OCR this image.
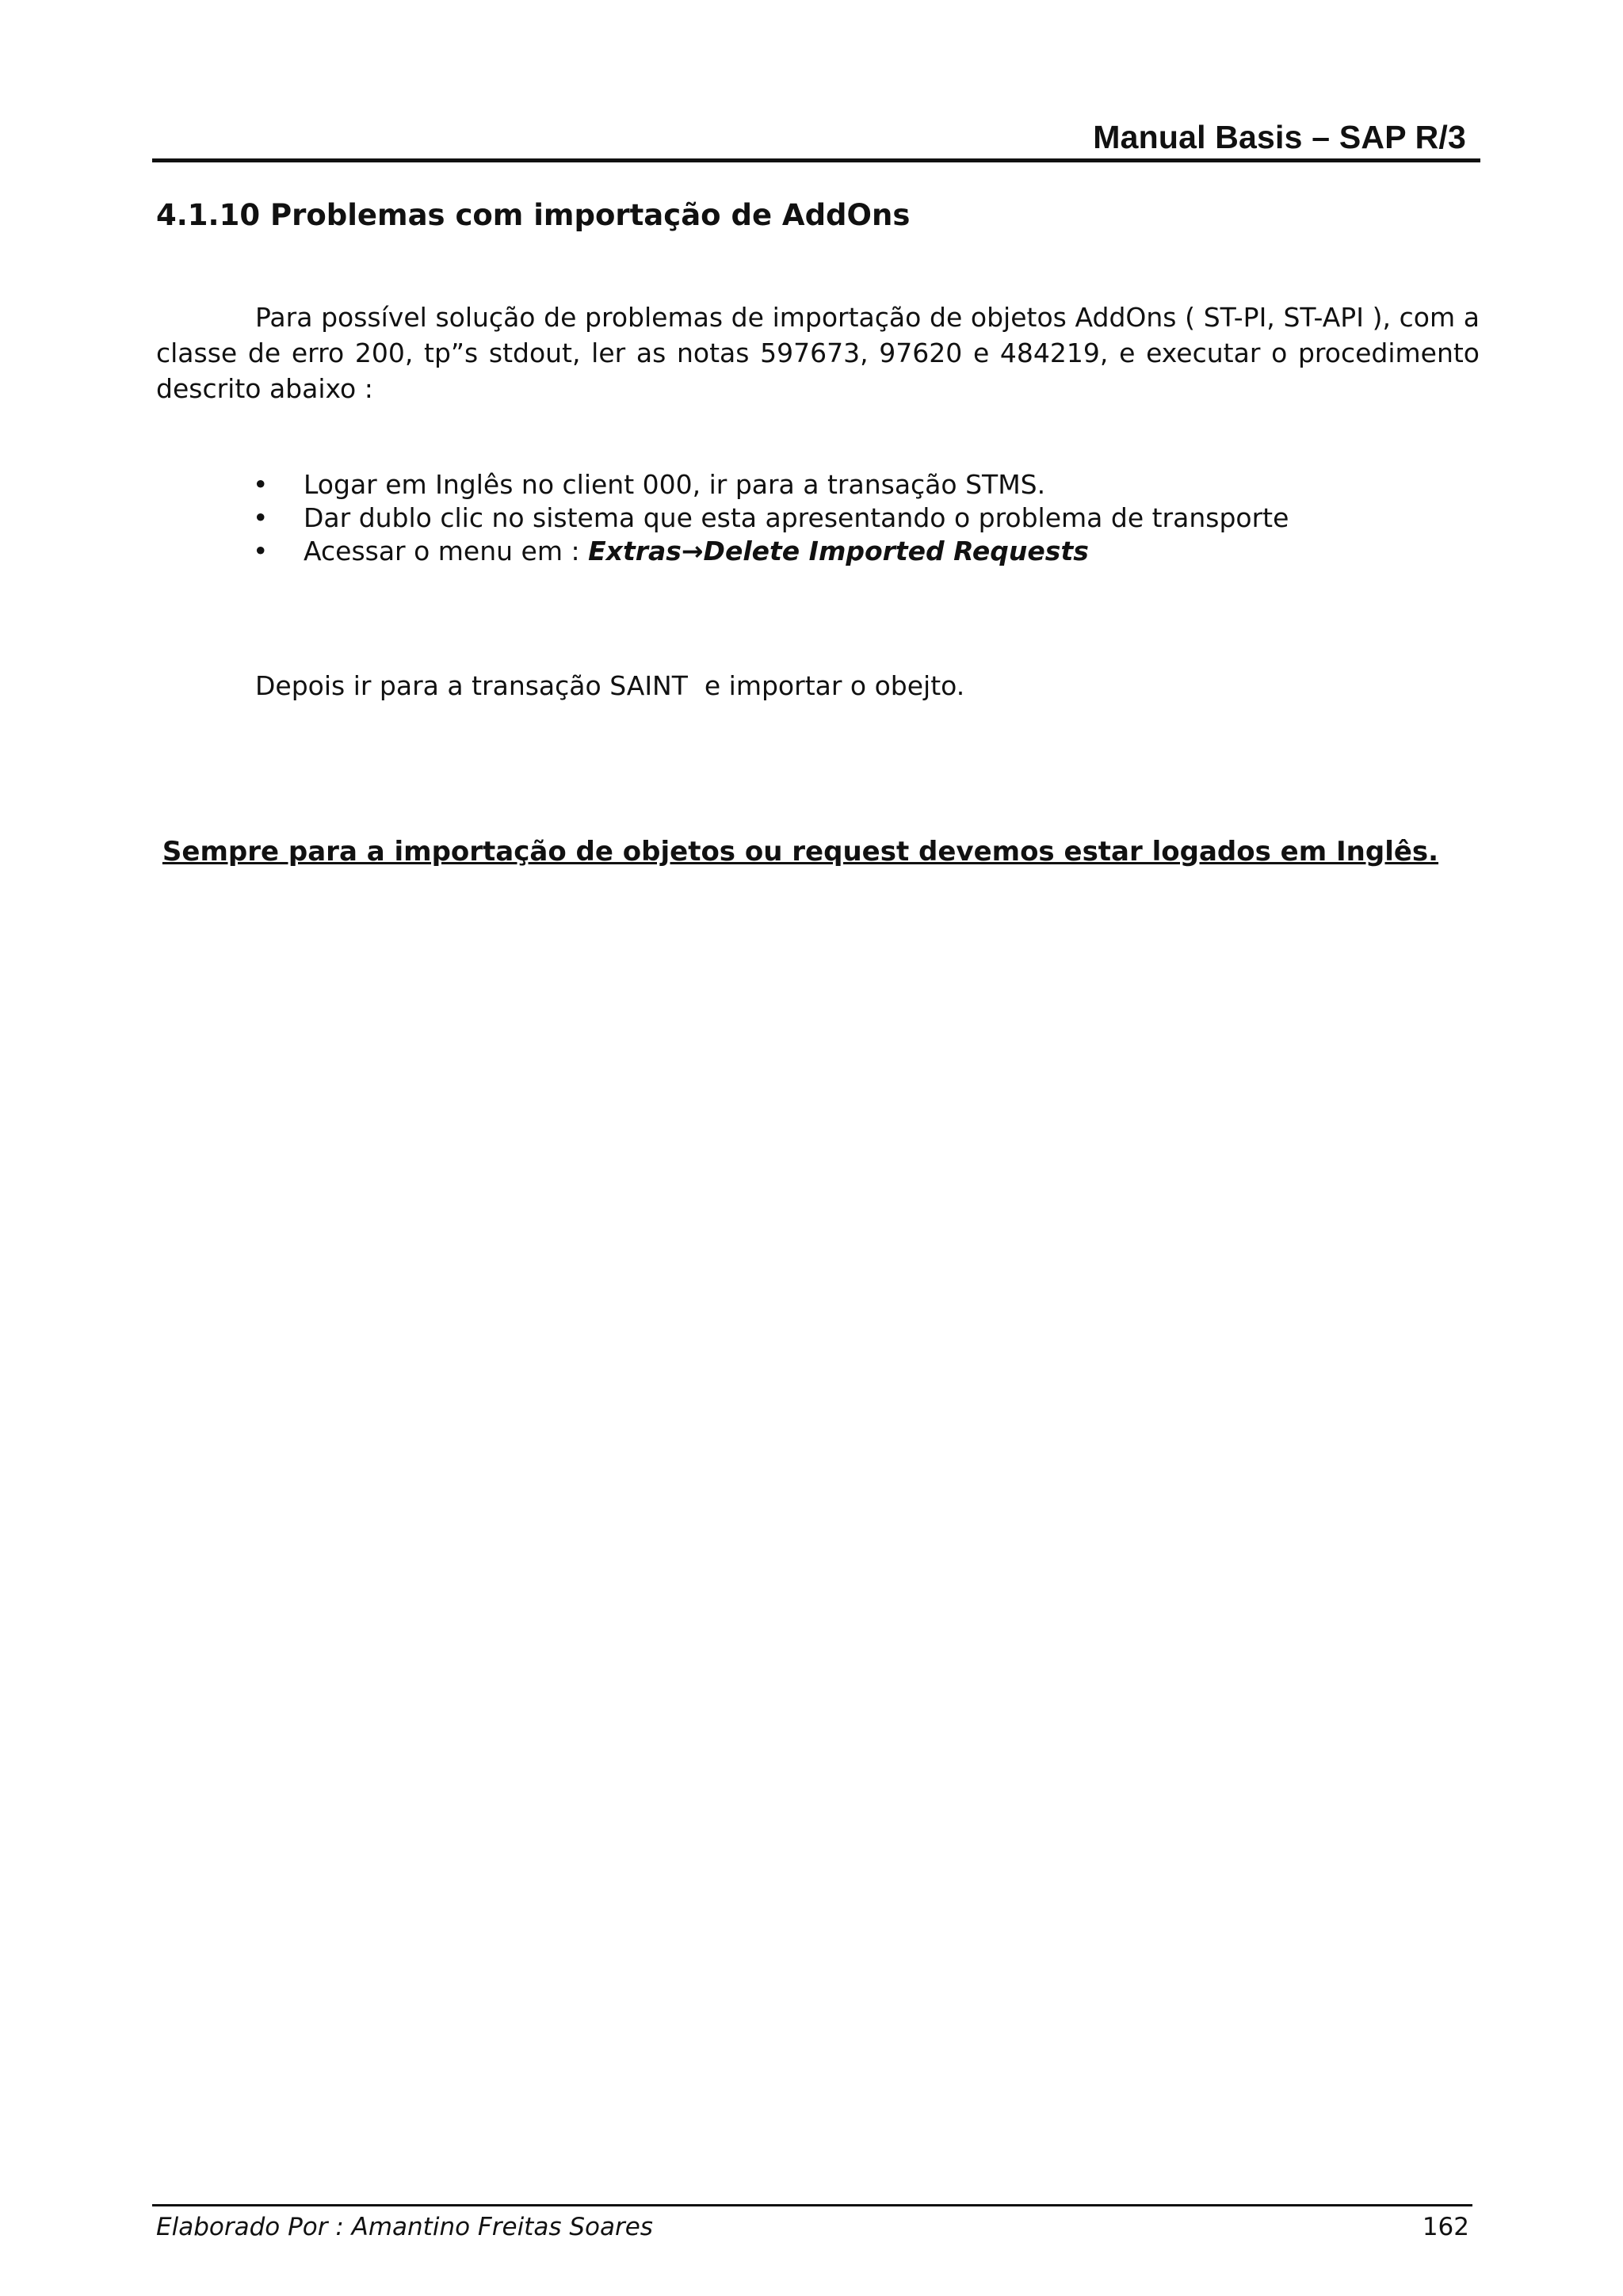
Manual Basis – SAP R/3
4.1.10 Problemas com importação de AddOns

Para possível solução de problemas de importação de objetos AddOns ( ST-PI, ST-API ), com a classe de erro 200, tp”s stdout, ler as notas 597673, 97620 e 484219, e executar o procedimento descrito abaixo :

• Logar em Inglês no client 000, ir para a transação STMS.
• Dar dublo clic no sistema que esta apresentando o problema de transporte
• Acessar o menu em : Extras→Delete Imported Requests

Depois ir para a transação SAINT  e importar o obejto.

Sempre para a importação de objetos ou request devemos estar logados em Inglês.

Elaborado Por : Amantino Freitas Soares	162
